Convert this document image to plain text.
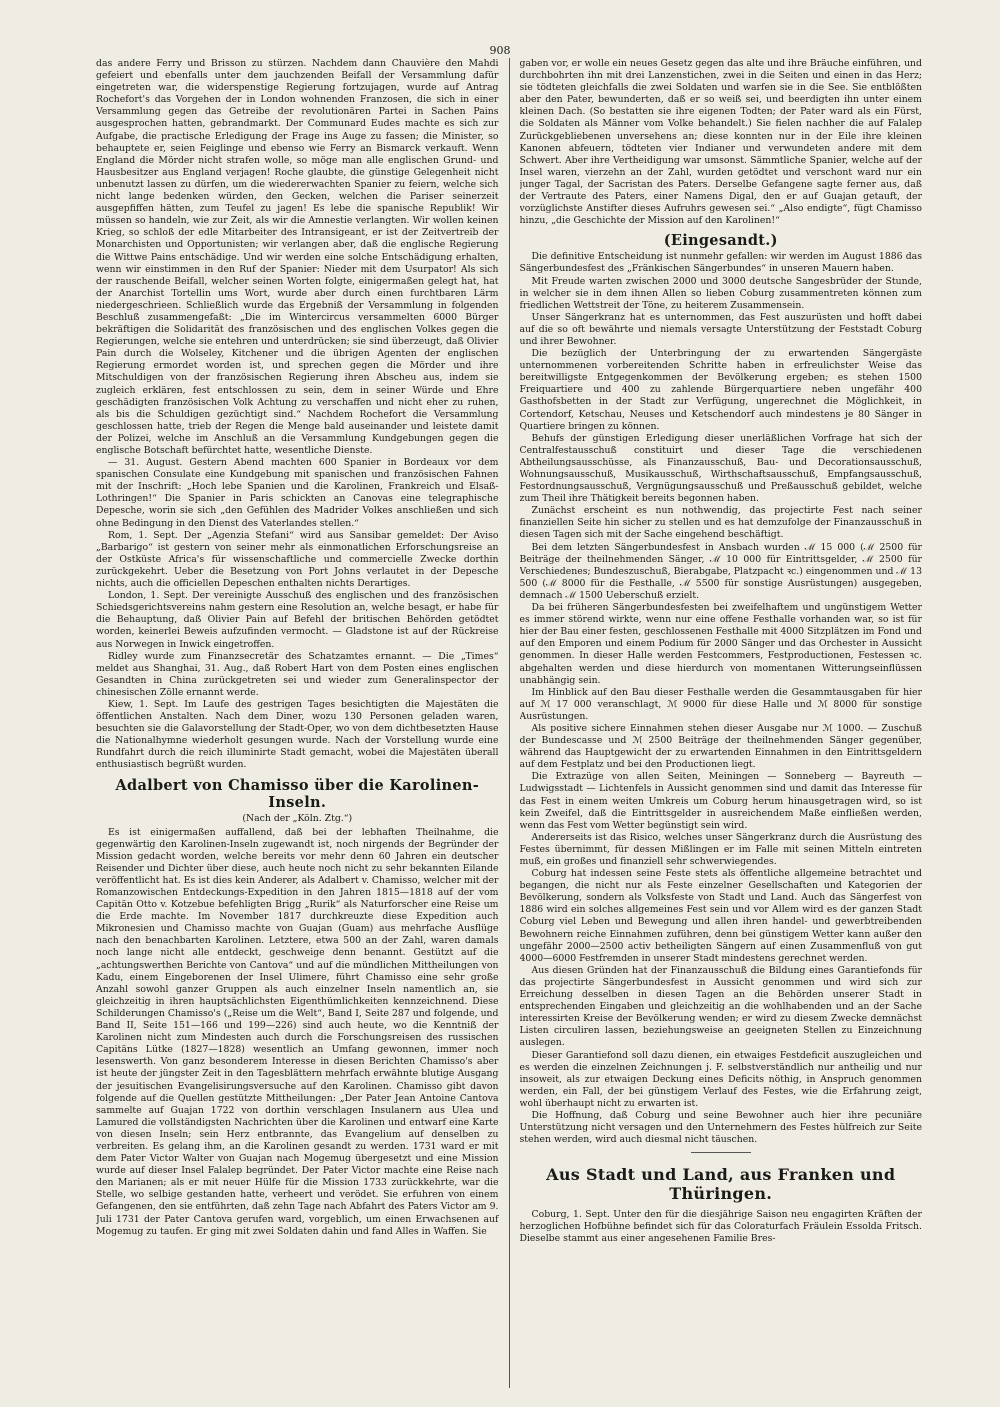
908

das andere Ferry und Brisson zu stürzen. Nachdem dann Chauvière den Mahdi gefeiert und ebenfalls unter dem jauchzenden Beifall der Versammlung dafür eingetreten war, die widerspenstige Regierung fortzujagen, wurde auf Antrag Rochefort's das Vorgehen der in London wohnenden Franzosen, die sich in einer Versammlung gegen das Getreibe der revolutionären Partei in Sachen Pains ausgesprochen hatten, gebrandmarkt. Der Communard Eudes machte es sich zur Aufgabe, die practische Erledigung der Frage ins Auge zu fassen; die Minister, so behauptete er, seien Feiglinge und ebenso wie Ferry an Bismarck verkauft. Wenn England die Mörder nicht strafen wolle, so möge man alle englischen Grund- und Hausbesitzer aus England verjagen! Roche glaubte, die günstige Gelegenheit nicht unbenutzt lassen zu dürfen, um die wiedererwachten Spanier zu feiern, welche sich nicht lange bedenken würden, den Gecken, welchen die Pariser seinerzeit ausgepfiffen hätten, zum Teufel zu jagen! Es lebe die spanische Republik! Wir müssen so handeln, wie zur Zeit, als wir die Amnestie verlangten. Wir wollen keinen Krieg, so schloß der edle Mitarbeiter des Intransigeant, er ist der Zeitvertreib der Monarchisten und Opportunisten; wir verlangen aber, daß die englische Regierung die Wittwe Pains entschädige. Und wir werden eine solche Entschädigung erhalten, wenn wir einstimmen in den Ruf der Spanier: Nieder mit dem Usurpator! Als sich der rauschende Beifall, welcher seinen Worten folgte, einigermaßen gelegt hat, hat der Anarchist Tortellin ums Wort, wurde aber durch einen furchtbaren Lärm niedergeschrieen. Schließlich wurde das Ergebniß der Versammlung in folgenden Beschluß zusammengefaßt: „Die im Wintercircus versammelten 6000 Bürger bekräftigen die Solidarität des französischen und des englischen Volkes gegen die Regierungen, welche sie entehren und unterdrücken; sie sind überzeugt, daß Olivier Pain durch die Wolseley, Kitchener und die übrigen Agenten der englischen Regierung ermordet worden ist, und sprechen gegen die Mörder und ihre Mitschuldigen von der französischen Regierung ihren Abscheu aus, indem sie zugleich erklären, fest entschlossen zu sein, dem in seiner Würde und Ehre geschädigten französischen Volk Achtung zu verschaffen und nicht eher zu ruhen, als bis die Schuldigen gezüchtigt sind.“ Nachdem Rochefort die Versammlung geschlossen hatte, trieb der Regen die Menge bald auseinander und leistete damit der Polizei, welche im Anschluß an die Versammlung Kundgebungen gegen die englische Botschaft befürchtet hatte, wesentliche Dienste.

— 31. August. Gestern Abend machten 600 Spanier in Bordeaux vor dem spanischen Consulate eine Kundgebung mit spanischen und französischen Fahnen mit der Inschrift: „Hoch lebe Spanien und die Karolinen, Frankreich und Elsaß-Lothringen!“ Die Spanier in Paris schickten an Canovas eine telegraphische Depesche, worin sie sich „den Gefühlen des Madrider Volkes anschließen und sich ohne Bedingung in den Dienst des Vaterlandes stellen.“

Rom, 1. Sept. Der „Agenzia Stefani“ wird aus Sansibar gemeldet: Der Aviso „Barbarigo“ ist gestern von seiner mehr als einmonatlichen Erforschungsreise an der Ostküste Africa's für wissenschaftliche und commercielle Zwecke dorthin zurückgekehrt. Ueber die Besetzung von Port Johns verlautet in der Depesche nichts, auch die officiellen Depeschen enthalten nichts Derartiges.

London, 1. Sept. Der vereinigte Ausschuß des englischen und des französischen Schiedsgerichtsvereins nahm gestern eine Resolution an, welche besagt, er habe für die Behauptung, daß Olivier Pain auf Befehl der britischen Behörden getödtet worden, keinerlei Beweis aufzufinden vermocht. — Gladstone ist auf der Rückreise aus Norwegen in Inwick eingetroffen.

Ridley wurde zum Finanzsecretär des Schatzamtes ernannt. — Die „Times“ meldet aus Shanghai, 31. Aug., daß Robert Hart von dem Posten eines englischen Gesandten in China zurückgetreten sei und wieder zum Generalinspector der chinesischen Zölle ernannt werde.

Kiew, 1. Sept. Im Laufe des gestrigen Tages besichtigten die Majestäten die öffentlichen Anstalten. Nach dem Diner, wozu 130 Personen geladen waren, besuchten sie die Galavorstellung der Stadt-Oper, wo von dem dichtbesetzten Hause die Nationalhymne wiederholt gesungen wurde. Nach der Vorstellung wurde eine Rundfahrt durch die reich illuminirte Stadt gemacht, wobei die Majestäten überall enthusiastisch begrüßt wurden.

Adalbert von Chamisso über die Karolinen-Inseln.
(Nach der „Köln. Ztg.“)

Es ist einigermaßen auffallend, daß bei der lebhaften Theilnahme, die gegenwärtig den Karolinen-Inseln zugewandt ist, noch nirgends der Begründer der Mission gedacht worden, welche bereits vor mehr denn 60 Jahren ein deutscher Reisender und Dichter über diese, auch heute noch nicht zu sehr bekannten Eilande veröffentlicht hat. Es ist dies kein Anderer, als Adalbert v. Chamisso, welcher mit der Romanzowischen Entdeckungs-Expedition in den Jahren 1815—1818 auf der vom Capitän Otto v. Kotzebue befehligten Brigg „Rurik“ als Naturforscher eine Reise um die Erde machte. Im November 1817 durchkreuzte diese Expedition auch Mikronesien und Chamisso machte von Guajan (Guam) aus mehrfache Ausflüge nach den benachbarten Karolinen. Letztere, etwa 500 an der Zahl, waren damals noch lange nicht alle entdeckt, geschweige denn benannt. Gestützt auf die „achtungswerthen Berichte von Cantova“ und auf die mündlichen Mittheilungen von Kadu, einem Eingeborenen der Insel Ulimere, führt Chamisso eine sehr große Anzahl sowohl ganzer Gruppen als auch einzelner Inseln namentlich an, sie gleichzeitig in ihren hauptsächlichsten Eigenthümlichkeiten kennzeichnend. Diese Schilderungen Chamisso's („Reise um die Welt“, Band I, Seite 287 und folgende, und Band II, Seite 151—166 und 199—226) sind auch heute, wo die Kenntniß der Karolinen nicht zum Mindesten auch durch die Forschungsreisen des russischen Capitäns Lütke (1827—1828) wesentlich an Umfang gewonnen, immer noch lesenswerth. Von ganz besonderem Interesse in diesen Berichten Chamisso's aber ist heute der jüngster Zeit in den Tagesblättern mehrfach erwähnte blutige Ausgang der jesuitischen Evangelisirungsversuche auf den Karolinen. Chamisso gibt davon folgende auf die Quellen gestützte Mittheilungen: „Der Pater Jean Antoine Cantova sammelte auf Guajan 1722 von dorthin verschlagen Insulanern aus Ulea und Lamured die vollständigsten Nachrichten über die Karolinen und entwarf eine Karte von diesen Inseln; sein Herz entbrannte, das Evangelium auf denselben zu verbreiten. Es gelang ihm, an die Karolinen gesandt zu werden. 1731 ward er mit dem Pater Victor Walter von Guajan nach Mogemug übergesetzt und eine Mission wurde auf dieser Insel Falalep begründet. Der Pater Victor machte eine Reise nach den Marianen; als er mit neuer Hülfe für die Mission 1733 zurückkehrte, war die Stelle, wo selbige gestanden hatte, verheert und verödet. Sie erfuhren von einem Gefangenen, den sie entführten, daß zehn Tage nach Abfahrt des Paters Victor am 9. Juli 1731 der Pater Cantova gerufen ward, vorgeblich, um einen Erwachsenen auf Mogemug zu taufen. Er ging mit zwei Soldaten dahin und fand Alles in Waffen. Sie

gaben vor, er wolle ein neues Gesetz gegen das alte und ihre Bräuche einführen, und durchbohrten ihn mit drei Lanzenstichen, zwei in die Seiten und einen in das Herz; sie tödteten gleichfalls die zwei Soldaten und warfen sie in die See. Sie entblößten aber den Pater, bewunderten, daß er so weiß sei, und beerdigten ihn unter einem kleinen Dach. (So bestatten sie ihre eigenen Todten; der Pater ward als ein Fürst, die Soldaten als Männer vom Volke behandelt.) Sie fielen nachher die auf Falalep Zurückgebliebenen unversehens an; diese konnten nur in der Eile ihre kleinen Kanonen abfeuern, tödteten vier Indianer und verwundeten andere mit dem Schwert. Aber ihre Vertheidigung war umsonst. Sämmtliche Spanier, welche auf der Insel waren, vierzehn an der Zahl, wurden getödtet und verschont ward nur ein junger Tagal, der Sacristan des Paters. Derselbe Gefangene sagte ferner aus, daß der Vertraute des Paters, einer Namens Digal, den er auf Guajan getauft, der vorzüglichste Anstifter dieses Aufruhrs gewesen sei.“ „Also endigte“, fügt Chamisso hinzu, „die Geschichte der Mission auf den Karolinen!“

(Eingesandt.)

Die definitive Entscheidung ist nunmehr gefallen: wir werden im August 1886 das Sängerbundesfest des „Fränkischen Sängerbundes“ in unseren Mauern haben.

Mit Freude warten zwischen 2000 und 3000 deutsche Sangesbrüder der Stunde, in welcher sie in dem ihnen Allen so lieben Coburg zusammentreten können zum friedlichen Wettstreit der Töne, zu heiterem Zusammensein.

Unser Sängerkranz hat es unternommen, das Fest auszurüsten und hofft dabei auf die so oft bewährte und niemals versagte Unterstützung der Feststadt Coburg und ihrer Bewohner.

Die bezüglich der Unterbringung der zu erwartenden Sängergäste unternommenen vorbereitenden Schritte haben in erfreulichster Weise das bereitwilligste Entgegenkommen der Bevölkerung ergeben; es stehen 1500 Freiquartiere und 400 zu zahlende Bürgerquartiere neben ungefähr 400 Gasthofsbetten in der Stadt zur Verfügung, ungerechnet die Möglichkeit, in Cortendorf, Ketschau, Neuses und Ketschendorf auch mindestens je 80 Sänger in Quartiere bringen zu können.

Behufs der günstigen Erledigung dieser unerläßlichen Vorfrage hat sich der Centralfestausschuß constituirt und dieser Tage die verschiedenen Abtheilungsausschüsse, als Finanzausschuß, Bau- und Decorationsausschuß, Wohnungsausschuß, Musikausschuß, Wirthschaftsausschuß, Empfangsausschuß, Festordnungsausschuß, Vergnügungsausschuß und Preßausschuß gebildet, welche zum Theil ihre Thätigkeit bereits begonnen haben.

Zunächst erscheint es nun nothwendig, das projectirte Fest nach seiner finanziellen Seite hin sicher zu stellen und es hat demzufolge der Finanzausschuß in diesen Tagen sich mit der Sache eingehend beschäftigt.

Bei dem letzten Sängerbundesfest in Ansbach wurden ℳ 15 000 (ℳ 2500 für Beiträge der theilnehmenden Sänger, ℳ 10 000 für Eintrittsgelder, ℳ 2500 für Verschiedenes; Bundeszuschuß, Bierabgabe, Platzpacht ꝛc.) eingenommen und ℳ 13 500 (ℳ 8000 für die Festhalle, ℳ 5500 für sonstige Ausrüstungen) ausgegeben, demnach ℳ 1500 Ueberschuß erzielt.

Da bei früheren Sängerbundesfesten bei zweifelhaftem und ungünstigem Wetter es immer störend wirkte, wenn nur eine offene Festhalle vorhanden war, so ist für hier der Bau einer festen, geschlossenen Festhalle mit 4000 Sitzplätzen im Fond und auf den Emporen und einem Podium für 2000 Sänger und das Orchester in Aussicht genommen. In dieser Halle werden Festcommers, Festproductionen, Festessen ꝛc. abgehalten werden und diese hierdurch von momentanen Witterungseinflüssen unabhängig sein.

Im Hinblick auf den Bau dieser Festhalle werden die Gesammtausgaben für hier auf ℳ 17 000 veranschlagt, ℳ 9000 für diese Halle und ℳ 8000 für sonstige Ausrüstungen.

Als positive sichere Einnahmen stehen dieser Ausgabe nur ℳ 1000. — Zuschuß der Bundescasse und ℳ 2500 Beiträge der theilnehmenden Sänger gegenüber, während das Hauptgewicht der zu erwartenden Einnahmen in den Eintrittsgeldern auf dem Festplatz und bei den Productionen liegt.

Die Extrazüge von allen Seiten, Meiningen — Sonneberg — Bayreuth — Ludwigsstadt — Lichtenfels in Aussicht genommen sind und damit das Interesse für das Fest in einem weiten Umkreis um Coburg herum hinausgetragen wird, so ist kein Zweifel, daß die Eintrittsgelder in ausreichendem Maße einfließen werden, wenn das Fest vom Wetter begünstigt sein wird.

Andererseits ist das Risico, welches unser Sängerkranz durch die Ausrüstung des Festes übernimmt, für dessen Mißlingen er im Falle mit seinen Mitteln eintreten muß, ein großes und finanziell sehr schwerwiegendes.

Coburg hat indessen seine Feste stets als öffentliche allgemeine betrachtet und begangen, die nicht nur als Feste einzelner Gesellschaften und Kategorien der Bevölkerung, sondern als Volksfeste von Stadt und Land. Auch das Sängerfest von 1886 wird ein solches allgemeines Fest sein und vor Allem wird es der ganzen Stadt Coburg viel Leben und Bewegung und allen ihren handel- und gewerbtreibenden Bewohnern reiche Einnahmen zuführen, denn bei günstigem Wetter kann außer den ungefähr 2000—2500 activ betheiligten Sängern auf einen Zusammenfluß von gut 4000—6000 Festfremden in unserer Stadt mindestens gerechnet werden.

Aus diesen Gründen hat der Finanzausschuß die Bildung eines Garantiefonds für das projectirte Sängerbundesfest in Aussicht genommen und wird sich zur Erreichung desselben in diesen Tagen an die Behörden unserer Stadt in entsprechenden Eingaben und gleichzeitig an die wohlhabenden und an der Sache interessirten Kreise der Bevölkerung wenden; er wird zu diesem Zwecke demnächst Listen circuliren lassen, beziehungsweise an geeigneten Stellen zu Einzeichnung auslegen.

Dieser Garantiefond soll dazu dienen, ein etwaiges Festdeficit auszugleichen und es werden die einzelnen Zeichnungen j. F. selbstverständlich nur antheilig und nur insoweit, als zur etwaigen Deckung eines Deficits nöthig, in Anspruch genommen werden, ein Fall, der bei günstigem Verlauf des Festes, wie die Erfahrung zeigt, wohl überhaupt nicht zu erwarten ist.

Die Hoffnung, daß Coburg und seine Bewohner auch hier ihre pecuniäre Unterstützung nicht versagen und den Unternehmern des Festes hülfreich zur Seite stehen werden, wird auch diesmal nicht täuschen.

Aus Stadt und Land, aus Franken und Thüringen.

Coburg, 1. Sept. Unter den für die diesjährige Saison neu engagirten Kräften der herzoglichen Hofbühne befindet sich für das Coloraturfach Fräulein Essolda Fritsch. Dieselbe stammt aus einer angesehenen Familie Bres-
